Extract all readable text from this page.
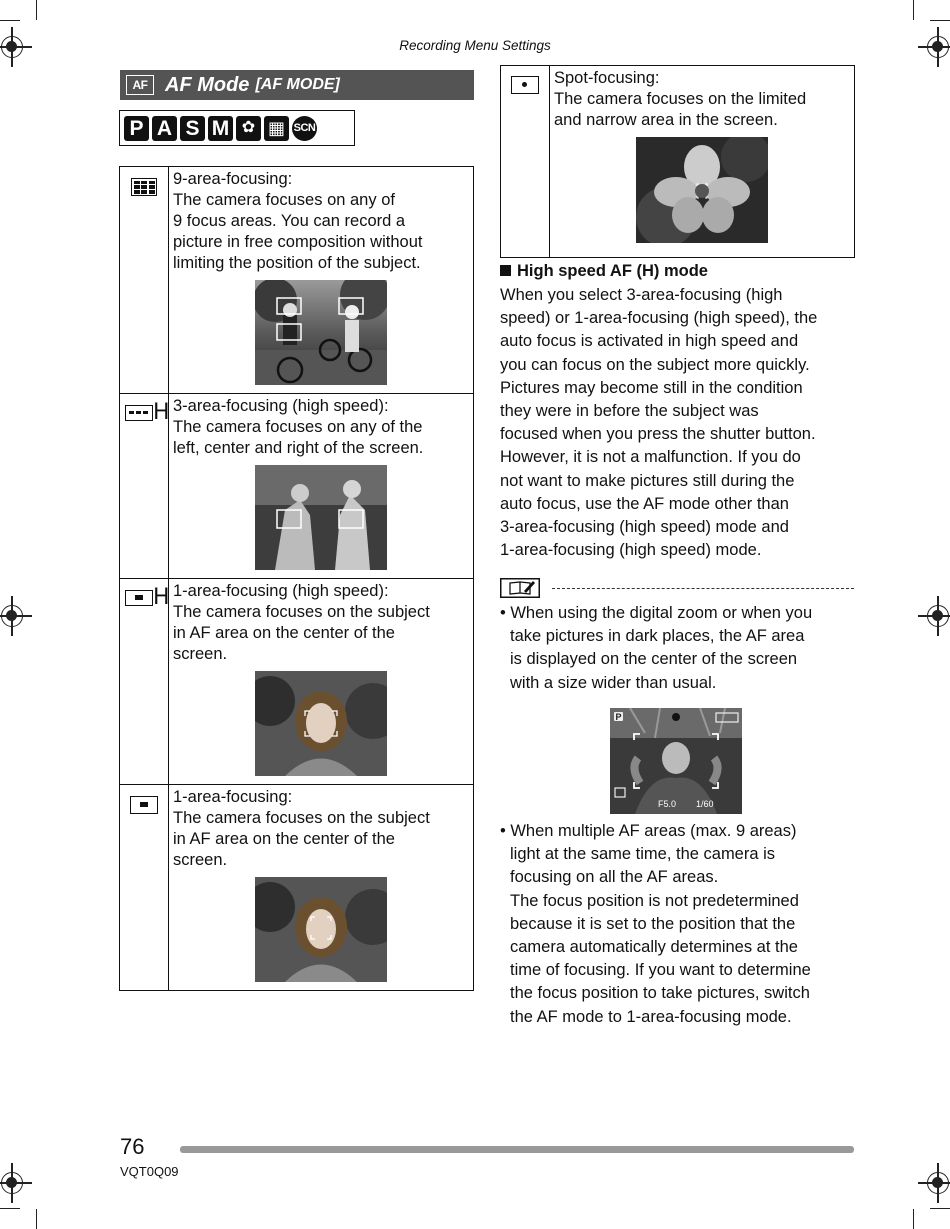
Recording Menu Settings
AF AF Mode [AF MODE]
P A S M ✿ ▦ SCN

	9-area-focusing:
The camera focuses on any of
9 focus areas. You can record a
picture in free composition without
limiting the position of the subject.

H	3-area-focusing (high speed):
The camera focuses on any of the
left, center and right of the screen.

H	1-area-focusing (high speed):
The camera focuses on the subject
in AF area on the center of the
screen.

	1-area-focusing:
The camera focuses on the subject
in AF area on the center of the
screen.

Spot-focusing:
The camera focuses on the limited
and narrow area in the screen.
High speed AF (H) mode
When you select 3-area-focusing (high
speed) or 1-area-focusing (high speed), the
auto focus is activated in high speed and
you can focus on the subject more quickly.
Pictures may become still in the condition
they were in before the subject was
focused when you press the shutter button.
However, it is not a malfunction. If you do
not want to make pictures still during the
auto focus, use the AF mode other than
3-area-focusing (high speed) mode and
1-area-focusing (high speed) mode.
• When using the digital zoom or when you
take pictures in dark places, the AF area
is displayed on the center of the screen
with a size wider than usual.
P
F5.0 1/60
• When multiple AF areas (max. 9 areas)
light at the same time, the camera is
focusing on all the AF areas.
The focus position is not predetermined
because it is set to the position that the
camera automatically determines at the
time of focusing. If you want to determine
the focus position to take pictures, switch
the AF mode to 1-area-focusing mode.
76
VQT0Q09
